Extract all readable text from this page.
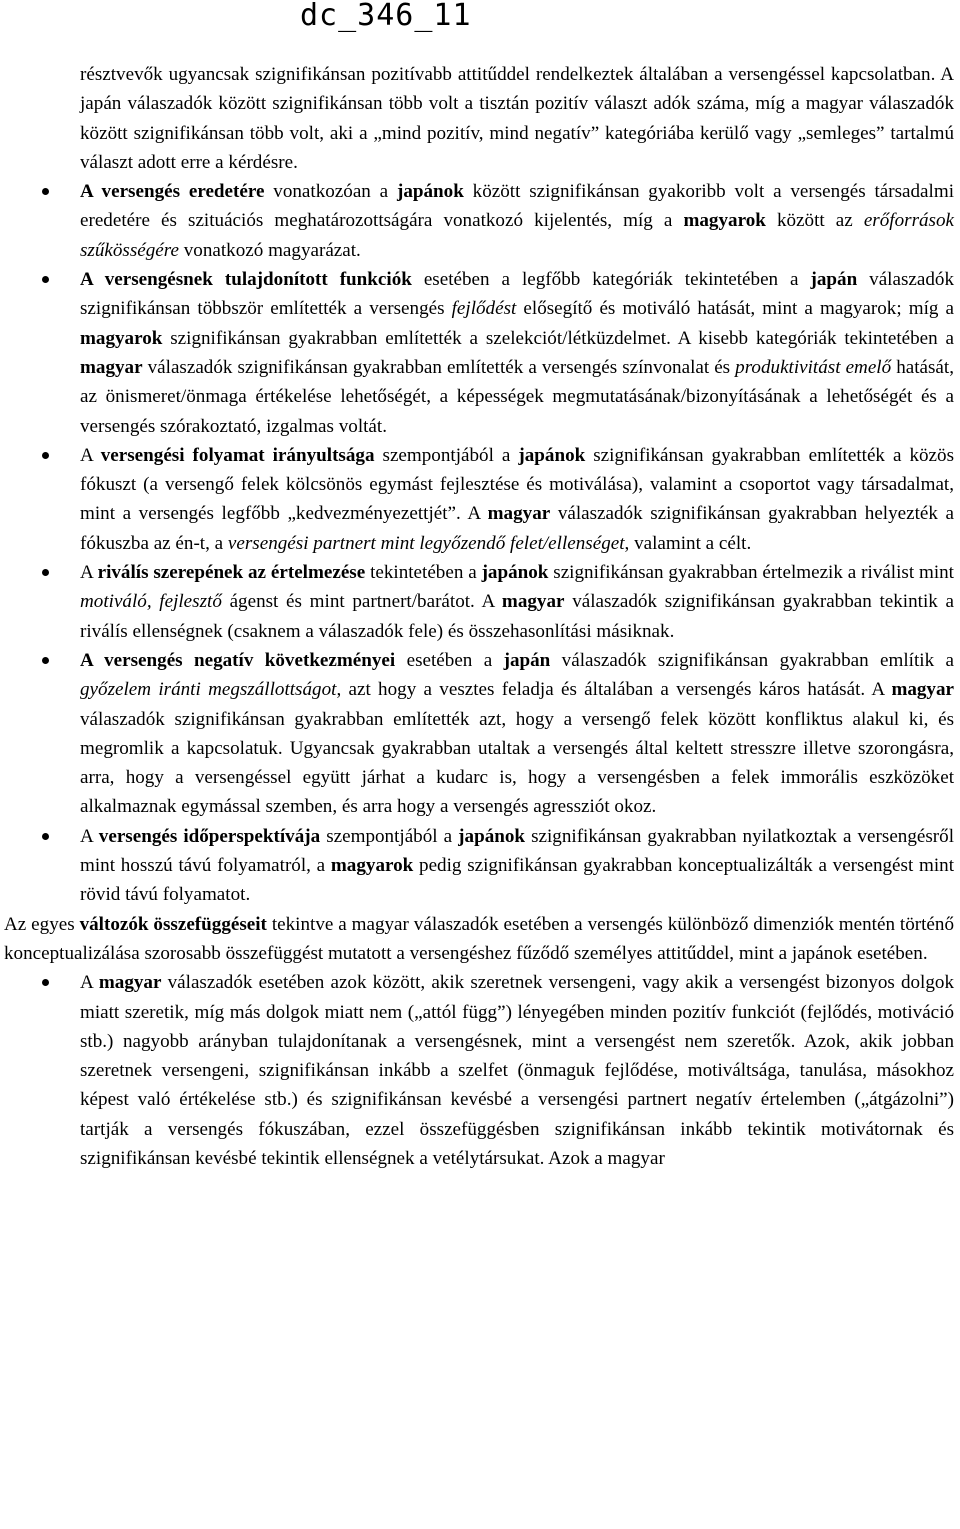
dc_346_11

résztvevők ugyancsak szignifikánsan pozitívabb attitűddel rendelkeztek általában a versengéssel kapcsolatban. A japán válaszadók között szignifikánsan több volt a tisztán pozitív választ adók száma, míg a magyar válaszadók között szignifikánsan több volt, aki a „mind pozitív, mind negatív” kategóriába kerülő vagy „semleges” tartalmú választ adott erre a kérdésre.

A versengés eredetére vonatkozóan a japánok között szignifikánsan gyakoribb volt a versengés társadalmi eredetére és szituációs meghatározottságára vonatkozó kijelentés, míg a magyarok között az erőforrások szűkösségére vonatkozó magyarázat.

A versengésnek tulajdonított funkciók esetében a legfőbb kategóriák tekintetében a japán válaszadók szignifikánsan többször említették a versengés fejlődést elősegítő és motiváló hatását, mint a magyarok; míg a magyarok szignifikánsan gyakrabban említették a szelekciót/létküzdelmet. A kisebb kategóriák tekintetében a magyar válaszadók szignifikánsan gyakrabban említették a versengés színvonalat és produktivitást emelő hatását, az önismeret/önmaga értékelése lehetőségét, a képességek megmutatásának/bizonyításának a lehetőségét és a versengés szórakoztató, izgalmas voltát.

A versengési folyamat irányultsága szempontjából a japánok szignifikánsan gyakrabban említették a közös fókuszt (a versengő felek kölcsönös egymást fejlesztése és motiválása), valamint a csoportot vagy társadalmat, mint a versengés legfőbb „kedvezményezettjét”. A magyar válaszadók szignifikánsan gyakrabban helyezték a fókuszba az én-t, a versengési partnert mint legyőzendő felet/ellenséget, valamint a célt.

A riválís szerepének az értelmezése tekintetében a japánok szignifikánsan gyakrabban értelmezik a riválist mint motiváló, fejlesztő ágenst és mint partnert/barátot. A magyar válaszadók szignifikánsan gyakrabban tekintik a riválís ellenségnek (csaknem a válaszadók fele) és összehasonlítási másiknak.

A versengés negatív következményei esetében a japán válaszadók szignifikánsan gyakrabban említik a győzelem iránti megszállottságot, azt hogy a vesztes feladja és általában a versengés káros hatását. A magyar válaszadók szignifikánsan gyakrabban említették azt, hogy a versengő felek között konfliktus alakul ki, és megromlik a kapcsolatuk. Ugyancsak gyakrabban utaltak a versengés által keltett stresszre illetve szorongásra, arra, hogy a versengéssel együtt járhat a kudarc is, hogy a versengésben a felek immorális eszközöket alkalmaznak egymással szemben, és arra hogy a versengés agressziót okoz.

A versengés időperspektívája szempontjából a japánok szignifikánsan gyakrabban nyilatkoztak a versengésről mint hosszú távú folyamatról, a magyarok pedig szignifikánsan gyakrabban konceptualizálták a versengést mint rövid távú folyamatot.

Az egyes változók összefüggéseit tekintve a magyar válaszadók esetében a versengés különböző dimenziók mentén történő konceptualizálása szorosabb összefüggést mutatott a versengéshez fűződő személyes attitűddel, mint a japánok esetében.

A magyar válaszadók esetében azok között, akik szeretnek versengeni, vagy akik a versengést bizonyos dolgok miatt szeretik, míg más dolgok miatt nem („attól függ”) lényegében minden pozitív funkciót (fejlődés, motiváció stb.) nagyobb arányban tulajdonítanak a versengésnek, mint a versengést nem szeretők. Azok, akik jobban szeretnek versengeni, szignifikánsan inkább a szelfet (önmaguk fejlődése, motiváltsága, tanulása, másokhoz képest való értékelése stb.) és szignifikánsan kevésbé a versengési partnert negatív értelemben („átgázolni”) tartják a versengés fókuszában, ezzel összefüggésben szignifikánsan inkább tekintik motivátornak és szignifikánsan kevésbé tekintik ellenségnek a vetélytársukat. Azok a magyar
